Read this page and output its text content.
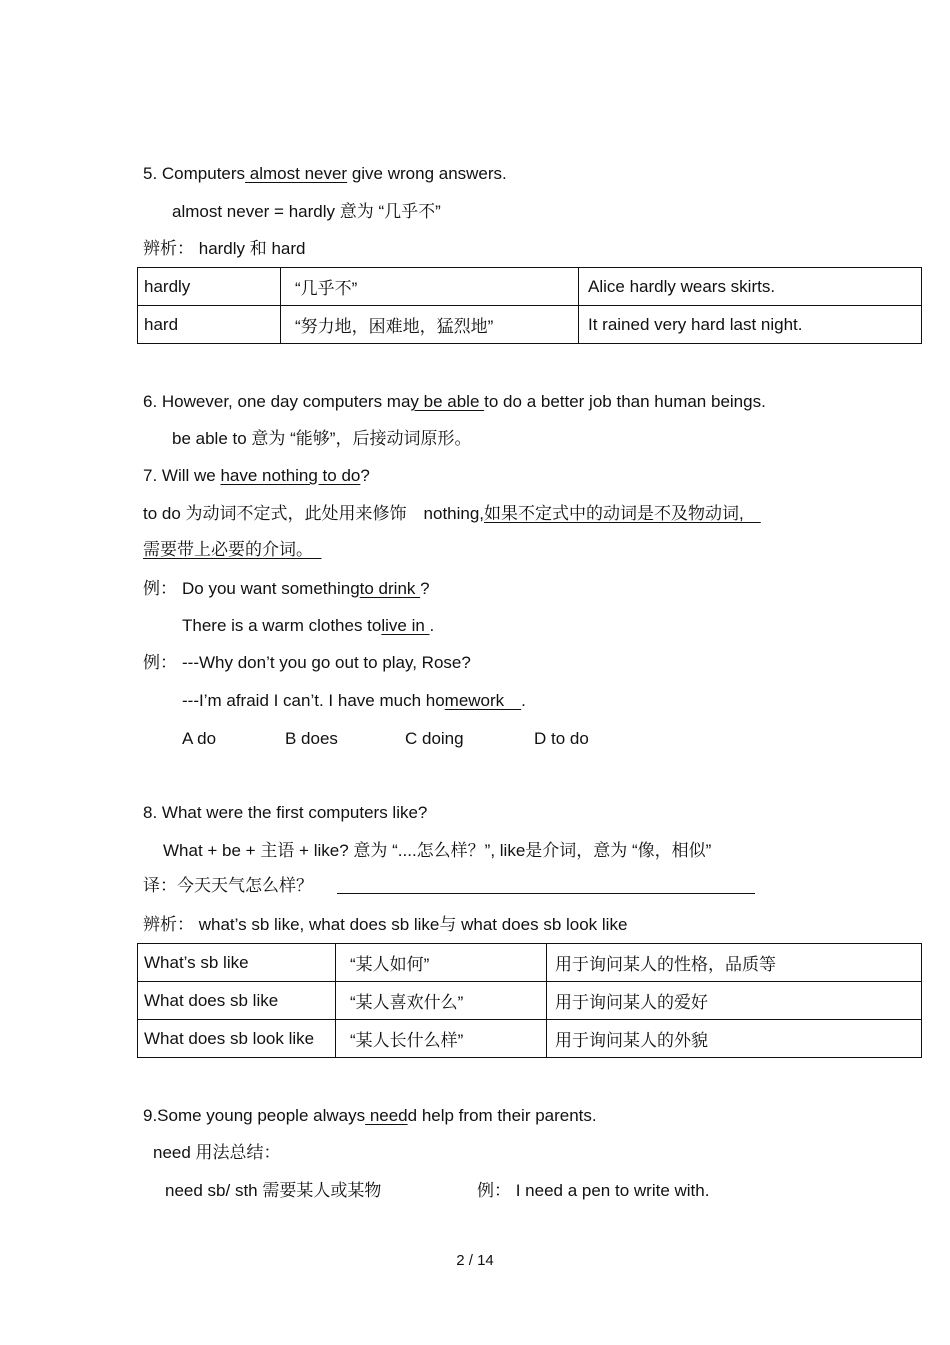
5. Computers almost never give wrong answers.
almost never = hardly 意为 “几乎不”
辨析： hardly 和 hard
hardly	“几乎不”	Alice hardly wears skirts.
hard	“努力地，困难地，猛烈地”	It rained very hard last night.
6. However, one day computers may be able to do a better job than human beings.
be able to 意为 “能够”，后接动词原形。
7. Will we have nothing to do?
to do 为动词不定式，此处用来修饰　nothing,如果不定式中的动词是不及物动词,　
需要带上必要的介词。　
例： Do you want somethingto drink ?
There is a warm clothes tolive in .
例： ---Why don’t you go out to play, Rose?
---I’m afraid I can’t. I have much homework　.
A do	B does	C doing	D to do
8. What were the first computers like?
What + be + 主语 + like? 意为 “....怎么样？”, like是介词，意为 “像，相似”
译：今天天气怎么样？
辨析： what’s sb like, what does sb like与 what does sb look like
What’s sb like	“某人如何”	用于询问某人的性格，品质等
What does sb like	“某人喜欢什么”	用于询问某人的爱好
What does sb look like	“某人长什么样”	用于询问某人的外貌
9.Some young people always needd help from their parents.
need 用法总结：
need sb/ sth 需要某人或某物	例： I need a pen to write with.
2 / 14
